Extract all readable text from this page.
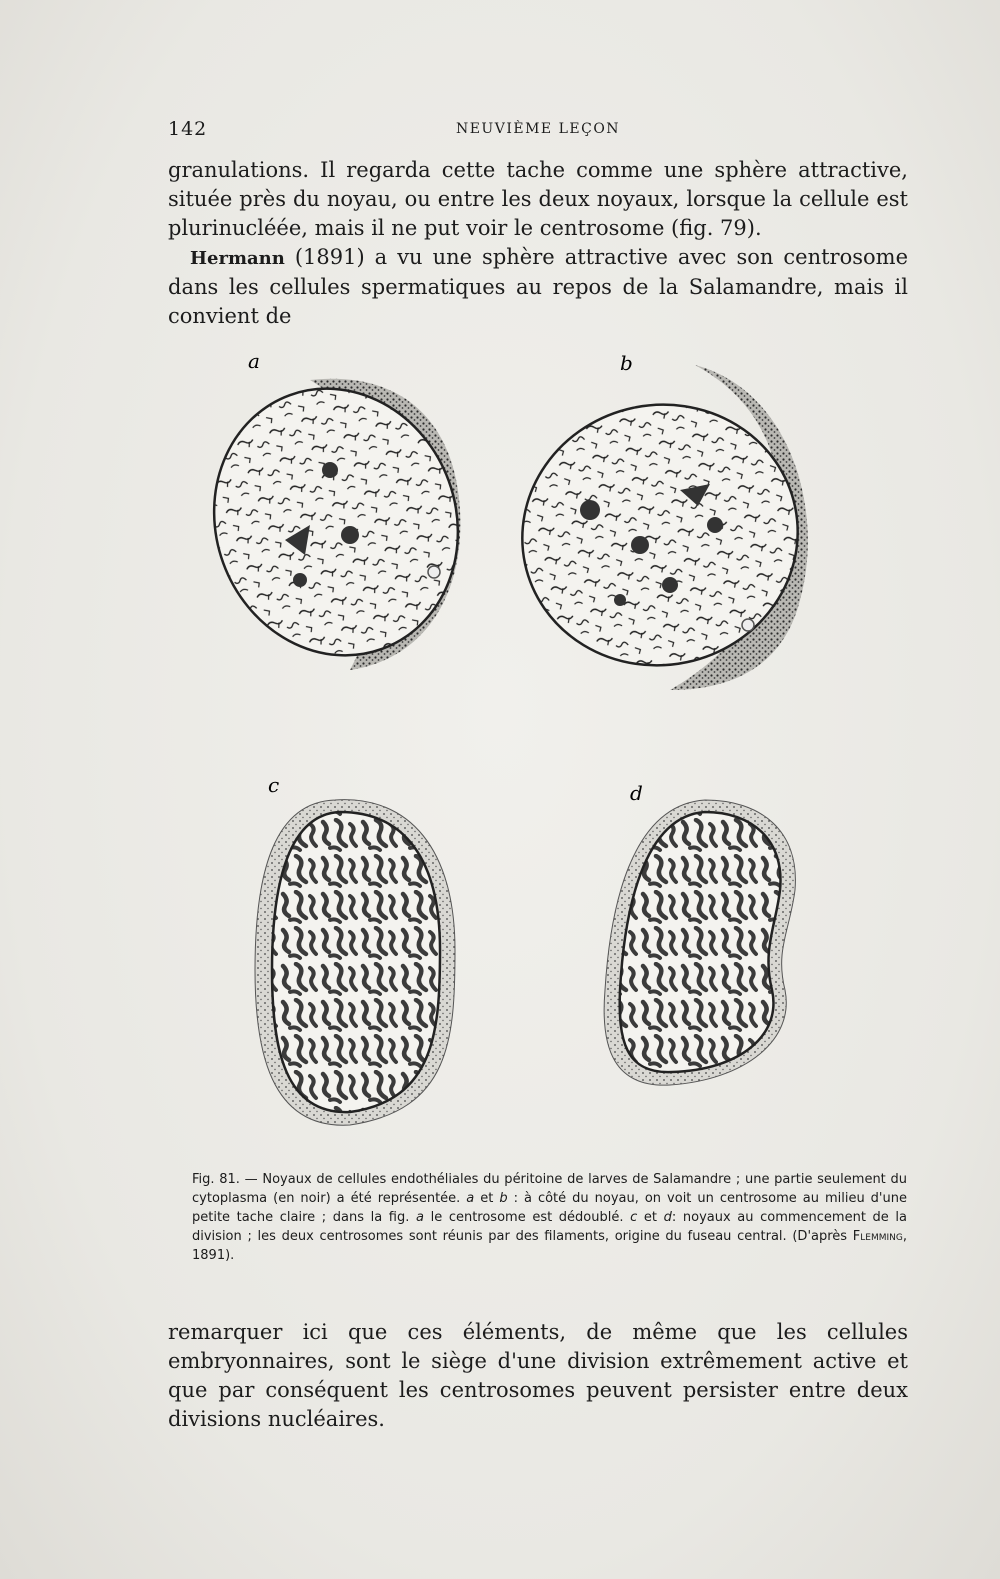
142	NEUVIÈME LEÇON

granulations. Il regarda cette tache comme une sphère attractive, située près du noyau, ou entre les deux noyaux, lorsque la cellule est plurinucléée, mais il ne put voir le centrosome (fig. 79).

Hermann (1891) a vu une sphère attractive avec son centrosome dans les cellules spermatiques au repos de la Salamandre, mais il convient de

a	b
c	d
Fig. 81. — Noyaux de cellules endothéliales du péritoine de larves de Salamandre ; une partie seulement du cytoplasma (en noir) a été représentée. a et b : à côté du noyau, on voit un centrosome au milieu d'une petite tache claire ; dans la fig. a le centrosome est dédoublé. c et d: noyaux au commencement de la division ; les deux centrosomes sont réunis par des filaments, origine du fuseau central. (D'après Flemming, 1891).

remarquer ici que ces éléments, de même que les cellules embryonnaires, sont le siège d'une division extrêmement active et que par conséquent les centrosomes peuvent persister entre deux divisions nucléaires.
